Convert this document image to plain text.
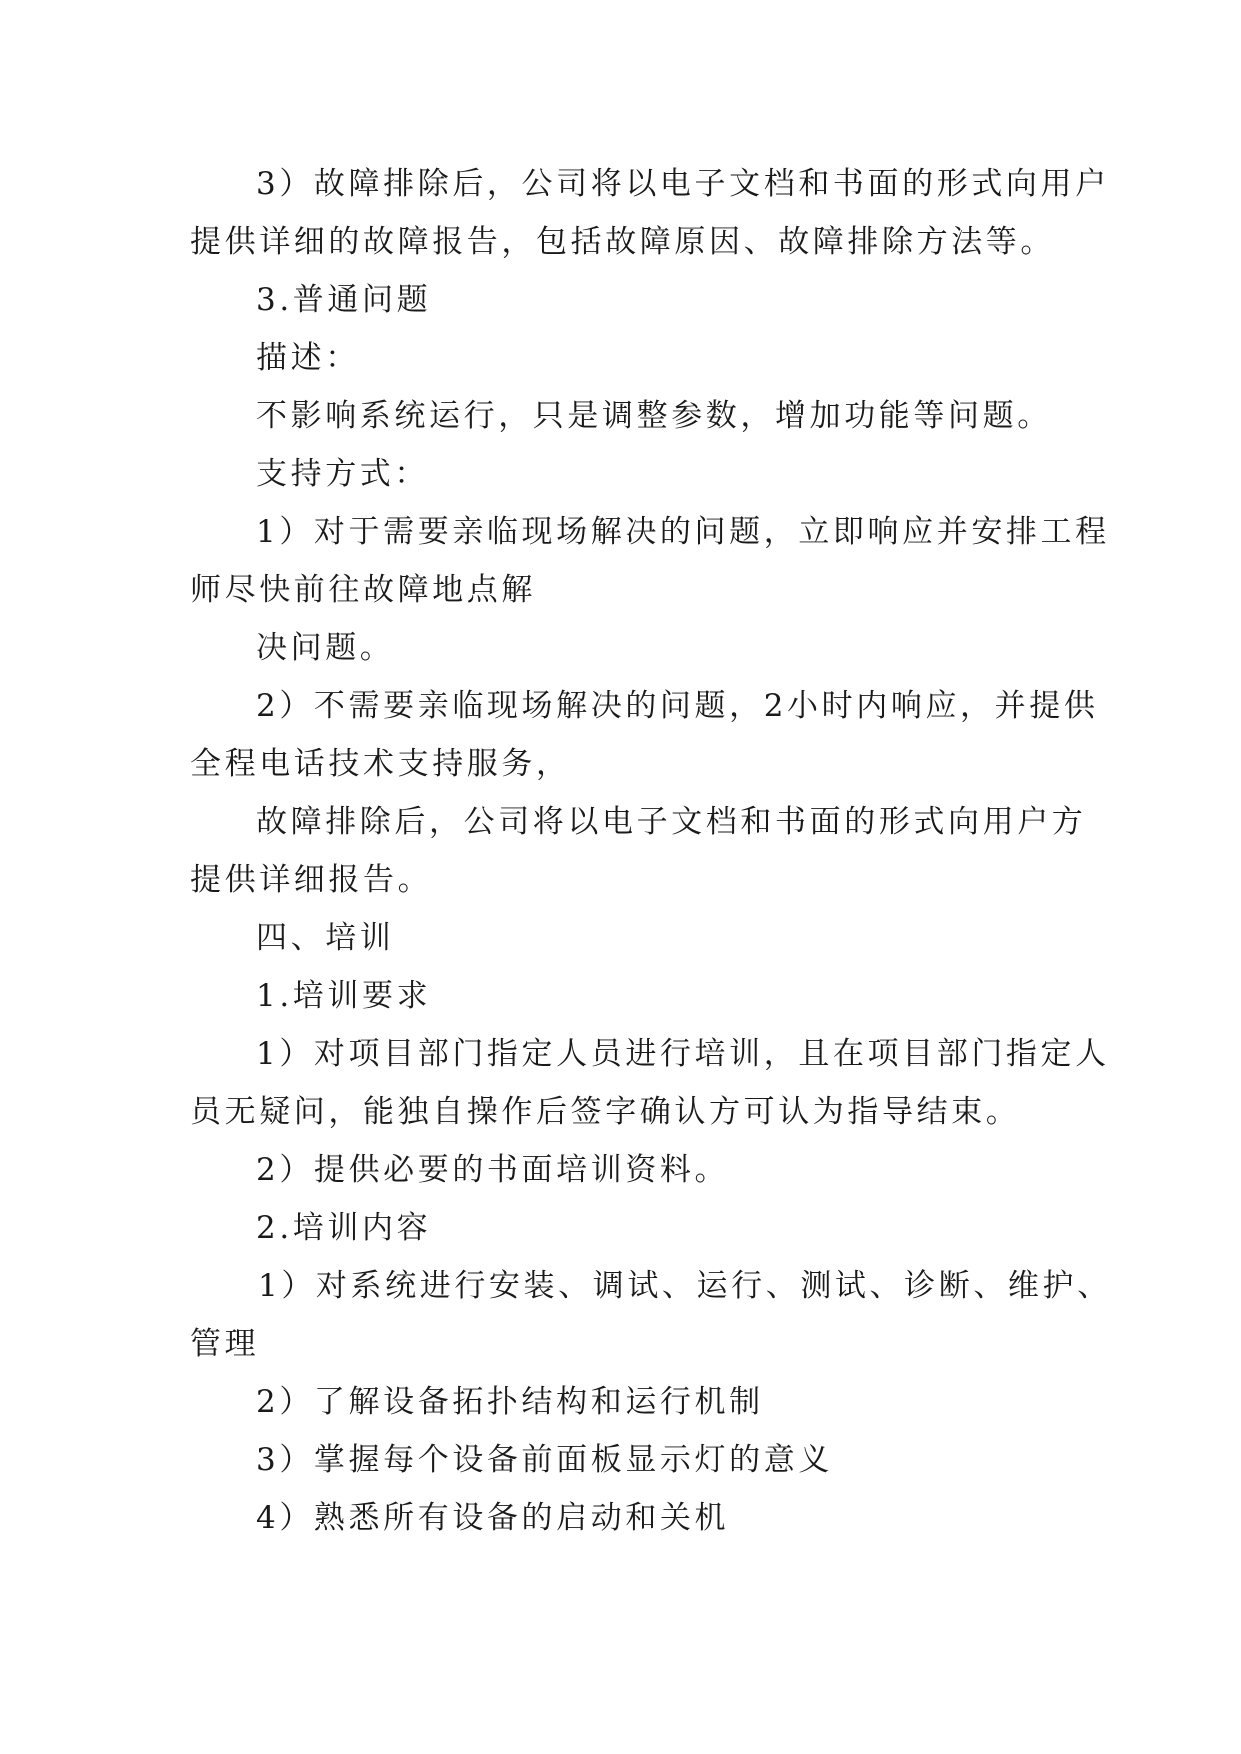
3）故障排除后，公司将以电子文档和书面的形式向用户

提供详细的故障报告，包括故障原因、故障排除方法等。

3.普通问题

描述：

不影响系统运行，只是调整参数，增加功能等问题。

支持方式：

1）对于需要亲临现场解决的问题，立即响应并安排工程

师尽快前往故障地点解

决问题。

2）不需要亲临现场解决的问题，2小时内响应，并提供

全程电话技术支持服务，

故障排除后，公司将以电子文档和书面的形式向用户方

提供详细报告。

四、培训

1.培训要求

1）对项目部门指定人员进行培训，且在项目部门指定人

员无疑问，能独自操作后签字确认方可认为指导结束。

2）提供必要的书面培训资料。

2.培训内容

1）对系统进行安装、调试、运行、测试、诊断、维护、

管理

2）了解设备拓扑结构和运行机制

3）掌握每个设备前面板显示灯的意义

4）熟悉所有设备的启动和关机
